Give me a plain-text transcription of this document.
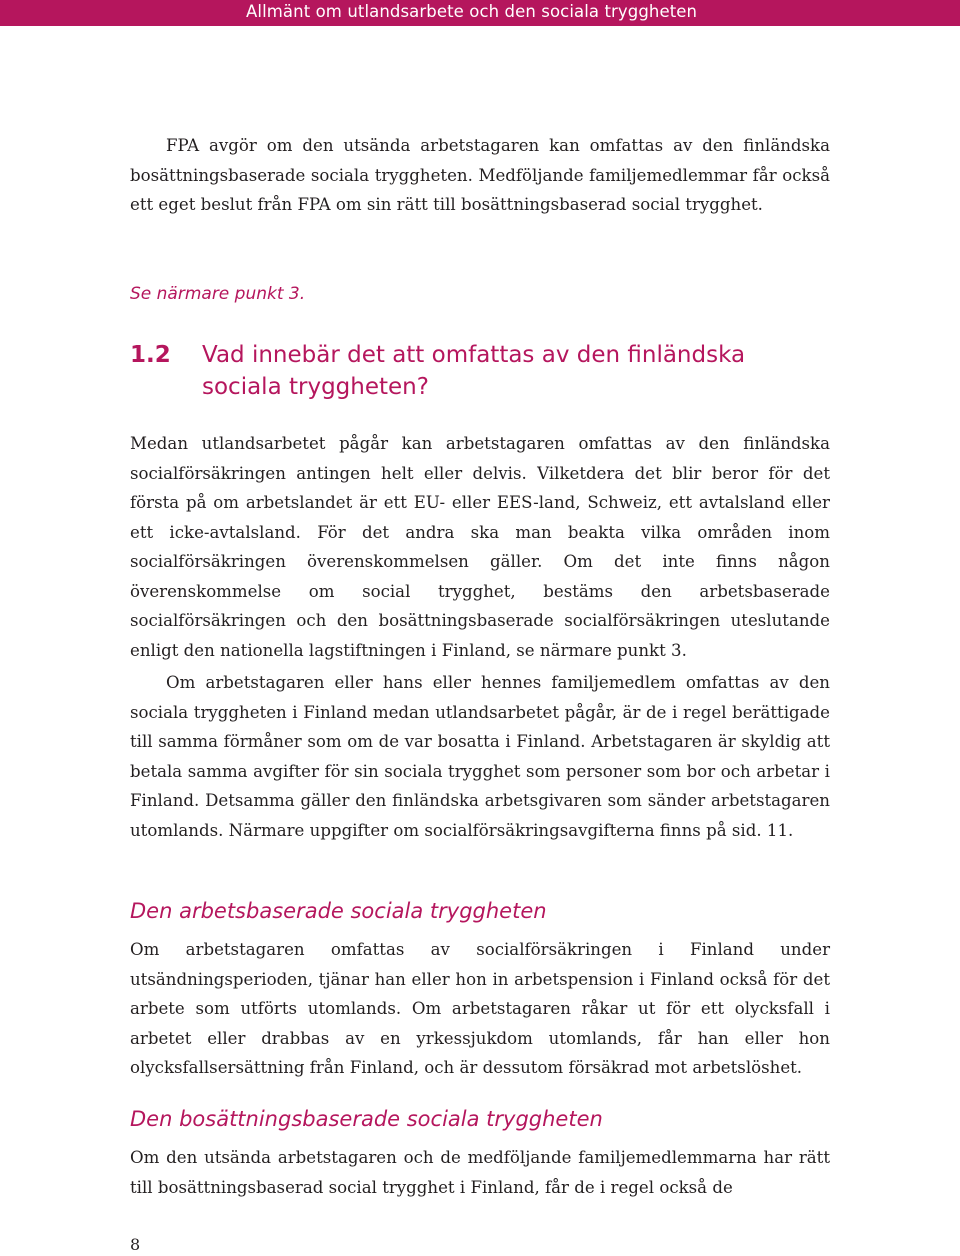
Allmänt om utlandsarbete och den sociala tryggheten

FPA avgör om den utsända arbetstagaren kan omfattas av den finländska bosättningsbaserade sociala tryggheten. Medföljande familjemedlemmar får också ett eget beslut från FPA om sin rätt till bosättningsbaserad social trygghet.

Se närmare punkt 3.
1.2 Vad innebär det att omfattas av den finländska sociala tryggheten?

Medan utlandsarbetet pågår kan arbetstagaren omfattas av den finländska socialförsäkringen antingen helt eller delvis. Vilketdera det blir beror för det första på om arbetslandet är ett EU- eller EES-land, Schweiz, ett avtalsland eller ett icke-avtalsland. För det andra ska man beakta vilka områden inom socialförsäkringen överenskommelsen gäller. Om det inte finns någon överenskommelse om social trygghet, bestäms den arbetsbaserade socialförsäkringen och den bosättningsbaserade socialförsäkringen uteslutande enligt den nationella lagstiftningen i Finland, se närmare punkt 3.

Om arbetstagaren eller hans eller hennes familjemedlem omfattas av den sociala tryggheten i Finland medan utlandsarbetet pågår, är de i regel berättigade till samma förmåner som om de var bosatta i Finland. Arbetstagaren är skyldig att betala samma avgifter för sin sociala trygghet som personer som bor och arbetar i Finland. Detsamma gäller den finländska arbetsgivaren som sänder arbetstagaren utomlands. Närmare uppgifter om socialförsäkringsavgifterna finns på sid. 11.

Den arbetsbaserade sociala tryggheten

Om arbetstagaren omfattas av socialförsäkringen i Finland under utsändningsperioden, tjänar han eller hon in arbetspension i Finland också för det arbete som utförts utomlands. Om arbetstagaren råkar ut för ett olycksfall i arbetet eller drabbas av en yrkessjukdom utomlands, får han eller hon olycksfallsersättning från Finland, och är dessutom försäkrad mot arbetslöshet.

Den bosättningsbaserade sociala tryggheten

Om den utsända arbetstagaren och de medföljande familjemedlemmarna har rätt till bosättningsbaserad social trygghet i Finland, får de i regel också de

8
